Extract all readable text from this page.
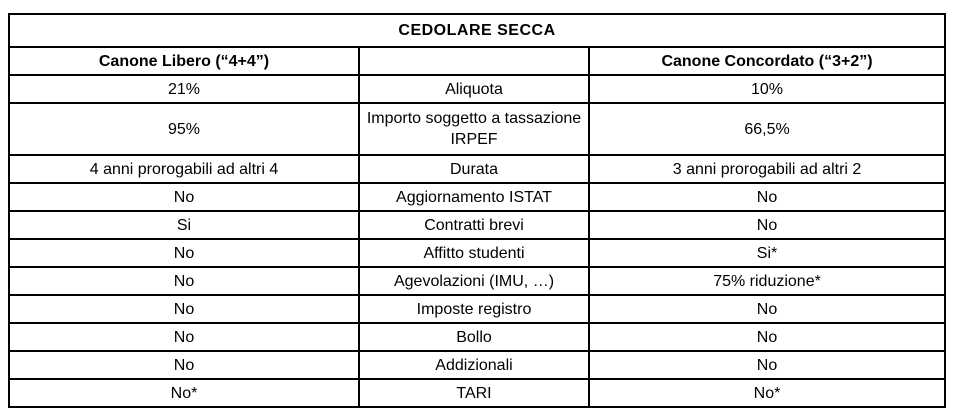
CEDOLARE SECCA		
Canone Libero (“4+4”)		Canone Concordato (“3+2”)
21%	Aliquota	10%
95%	Importo soggetto a tassazione IRPEF	66,5%
4 anni prorogabili ad altri 4	Durata	3 anni prorogabili ad altri 2
No	Aggiornamento ISTAT	No
Si	Contratti brevi	No
No	Affitto studenti	Si*
No	Agevolazioni (IMU, …)	75% riduzione*
No	Imposte registro	No
No	Bollo	No
No	Addizionali	No
No*	TARI	No*
